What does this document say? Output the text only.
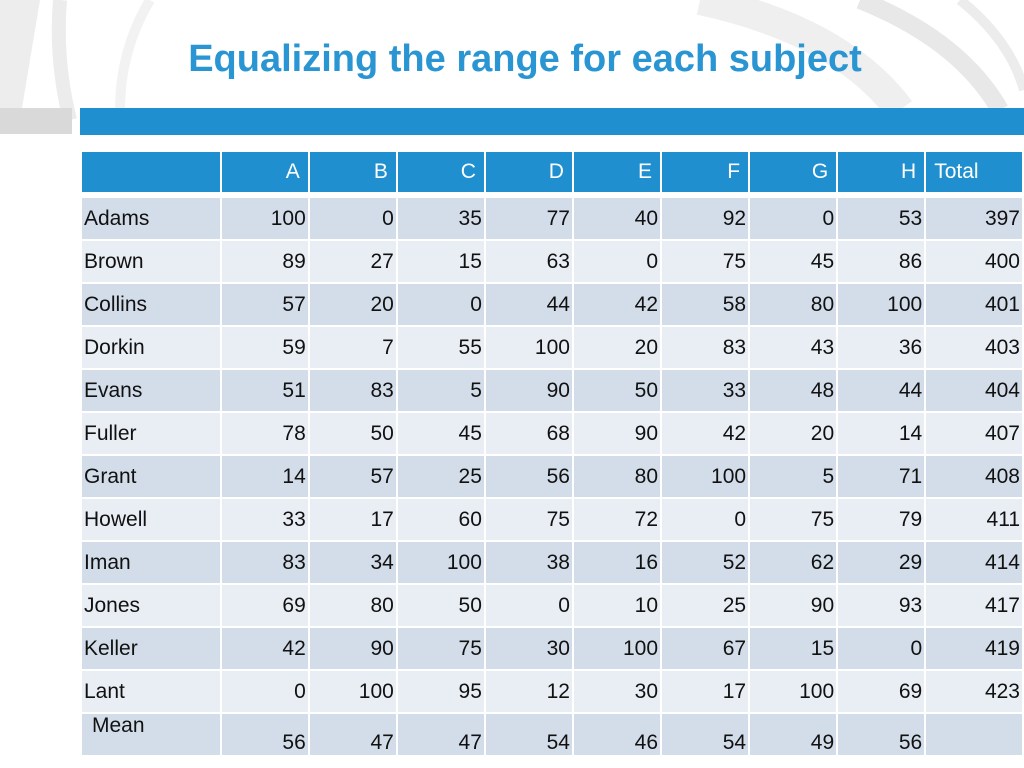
Equalizing the range for each subject
	A	B	C	D	E	F	G	H	Total

Adams	100	0	35	77	40	92	0	53	397
Brown	89	27	15	63	0	75	45	86	400
Collins	57	20	0	44	42	58	80	100	401
Dorkin	59	7	55	100	20	83	43	36	403
Evans	51	83	5	90	50	33	48	44	404
Fuller	78	50	45	68	90	42	20	14	407
Grant	14	57	25	56	80	100	5	71	408
Howell	33	17	60	75	72	0	75	79	411
Iman	83	34	100	38	16	52	62	29	414
Jones	69	80	50	0	10	25	90	93	417
Keller	42	90	75	30	100	67	15	0	419
Lant	0	100	95	12	30	17	100	69	423
Mean	56	47	47	54	46	54	49	56	
